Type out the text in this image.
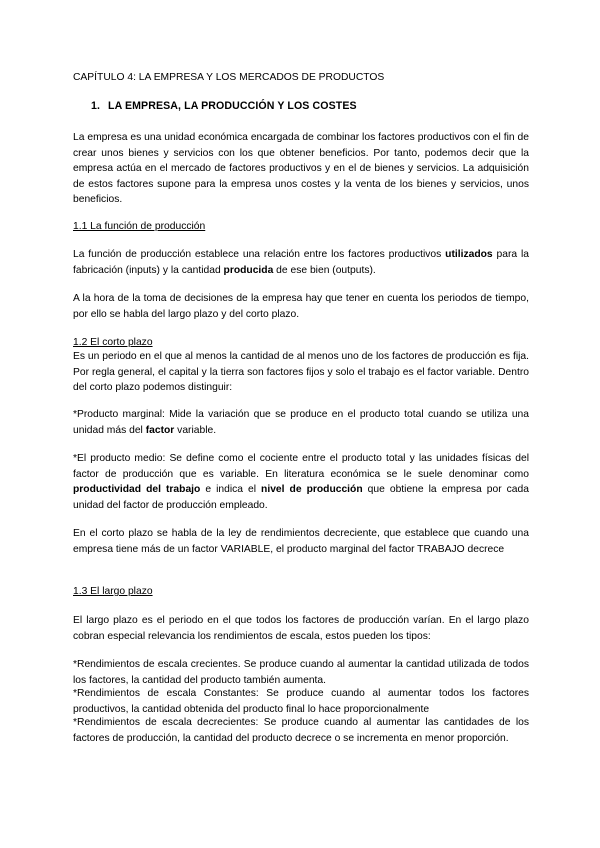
CAPÍTULO 4: LA EMPRESA Y LOS MERCADOS DE PRODUCTOS
1. LA EMPRESA, LA PRODUCCIÓN Y LOS COSTES
La empresa es una unidad económica encargada de combinar los factores productivos con el fin de crear unos bienes y servicios con los que obtener beneficios. Por tanto, podemos decir que la empresa actúa en el mercado de factores productivos y en el de bienes y servicios. La adquisición de estos factores supone para la empresa unos costes y la venta de los bienes y servicios, unos beneficios.
1.1 La función de producción
La función de producción establece una relación entre los factores productivos utilizados para la fabricación (inputs) y la cantidad producida de ese bien (outputs).
A la hora de la toma de decisiones de la empresa hay que tener en cuenta los periodos de tiempo, por ello se habla del largo plazo y del corto plazo.
1.2 El corto plazo
Es un periodo en el que al menos la cantidad de al menos uno de los factores de producción es fija. Por regla general, el capital y la tierra son factores fijos y solo el trabajo es el factor variable. Dentro del corto plazo podemos distinguir:
*Producto marginal: Mide la variación que se produce en el producto total cuando se utiliza una unidad más del factor variable.
*El producto medio: Se define como el cociente entre el producto total y las unidades físicas del factor de producción que es variable. En literatura económica se le suele denominar como productividad del trabajo e indica el nivel de producción que obtiene la empresa por cada unidad del factor de producción empleado.
En el corto plazo se habla de la ley de rendimientos decreciente, que establece que cuando una empresa tiene más de un factor VARIABLE, el producto marginal del factor TRABAJO decrece
1.3 El largo plazo
El largo plazo es el periodo en el que todos los factores de producción varían. En el largo plazo cobran especial relevancia los rendimientos de escala, estos pueden los tipos:
*Rendimientos de escala crecientes. Se produce cuando al aumentar la cantidad utilizada de todos los factores, la cantidad del producto también aumenta.
*Rendimientos de escala Constantes: Se produce cuando al aumentar todos los factores productivos, la cantidad obtenida del producto final lo hace proporcionalmente
*Rendimientos de escala decrecientes: Se produce cuando al aumentar las cantidades de los factores de producción, la cantidad del producto decrece o se incrementa en menor proporción.
